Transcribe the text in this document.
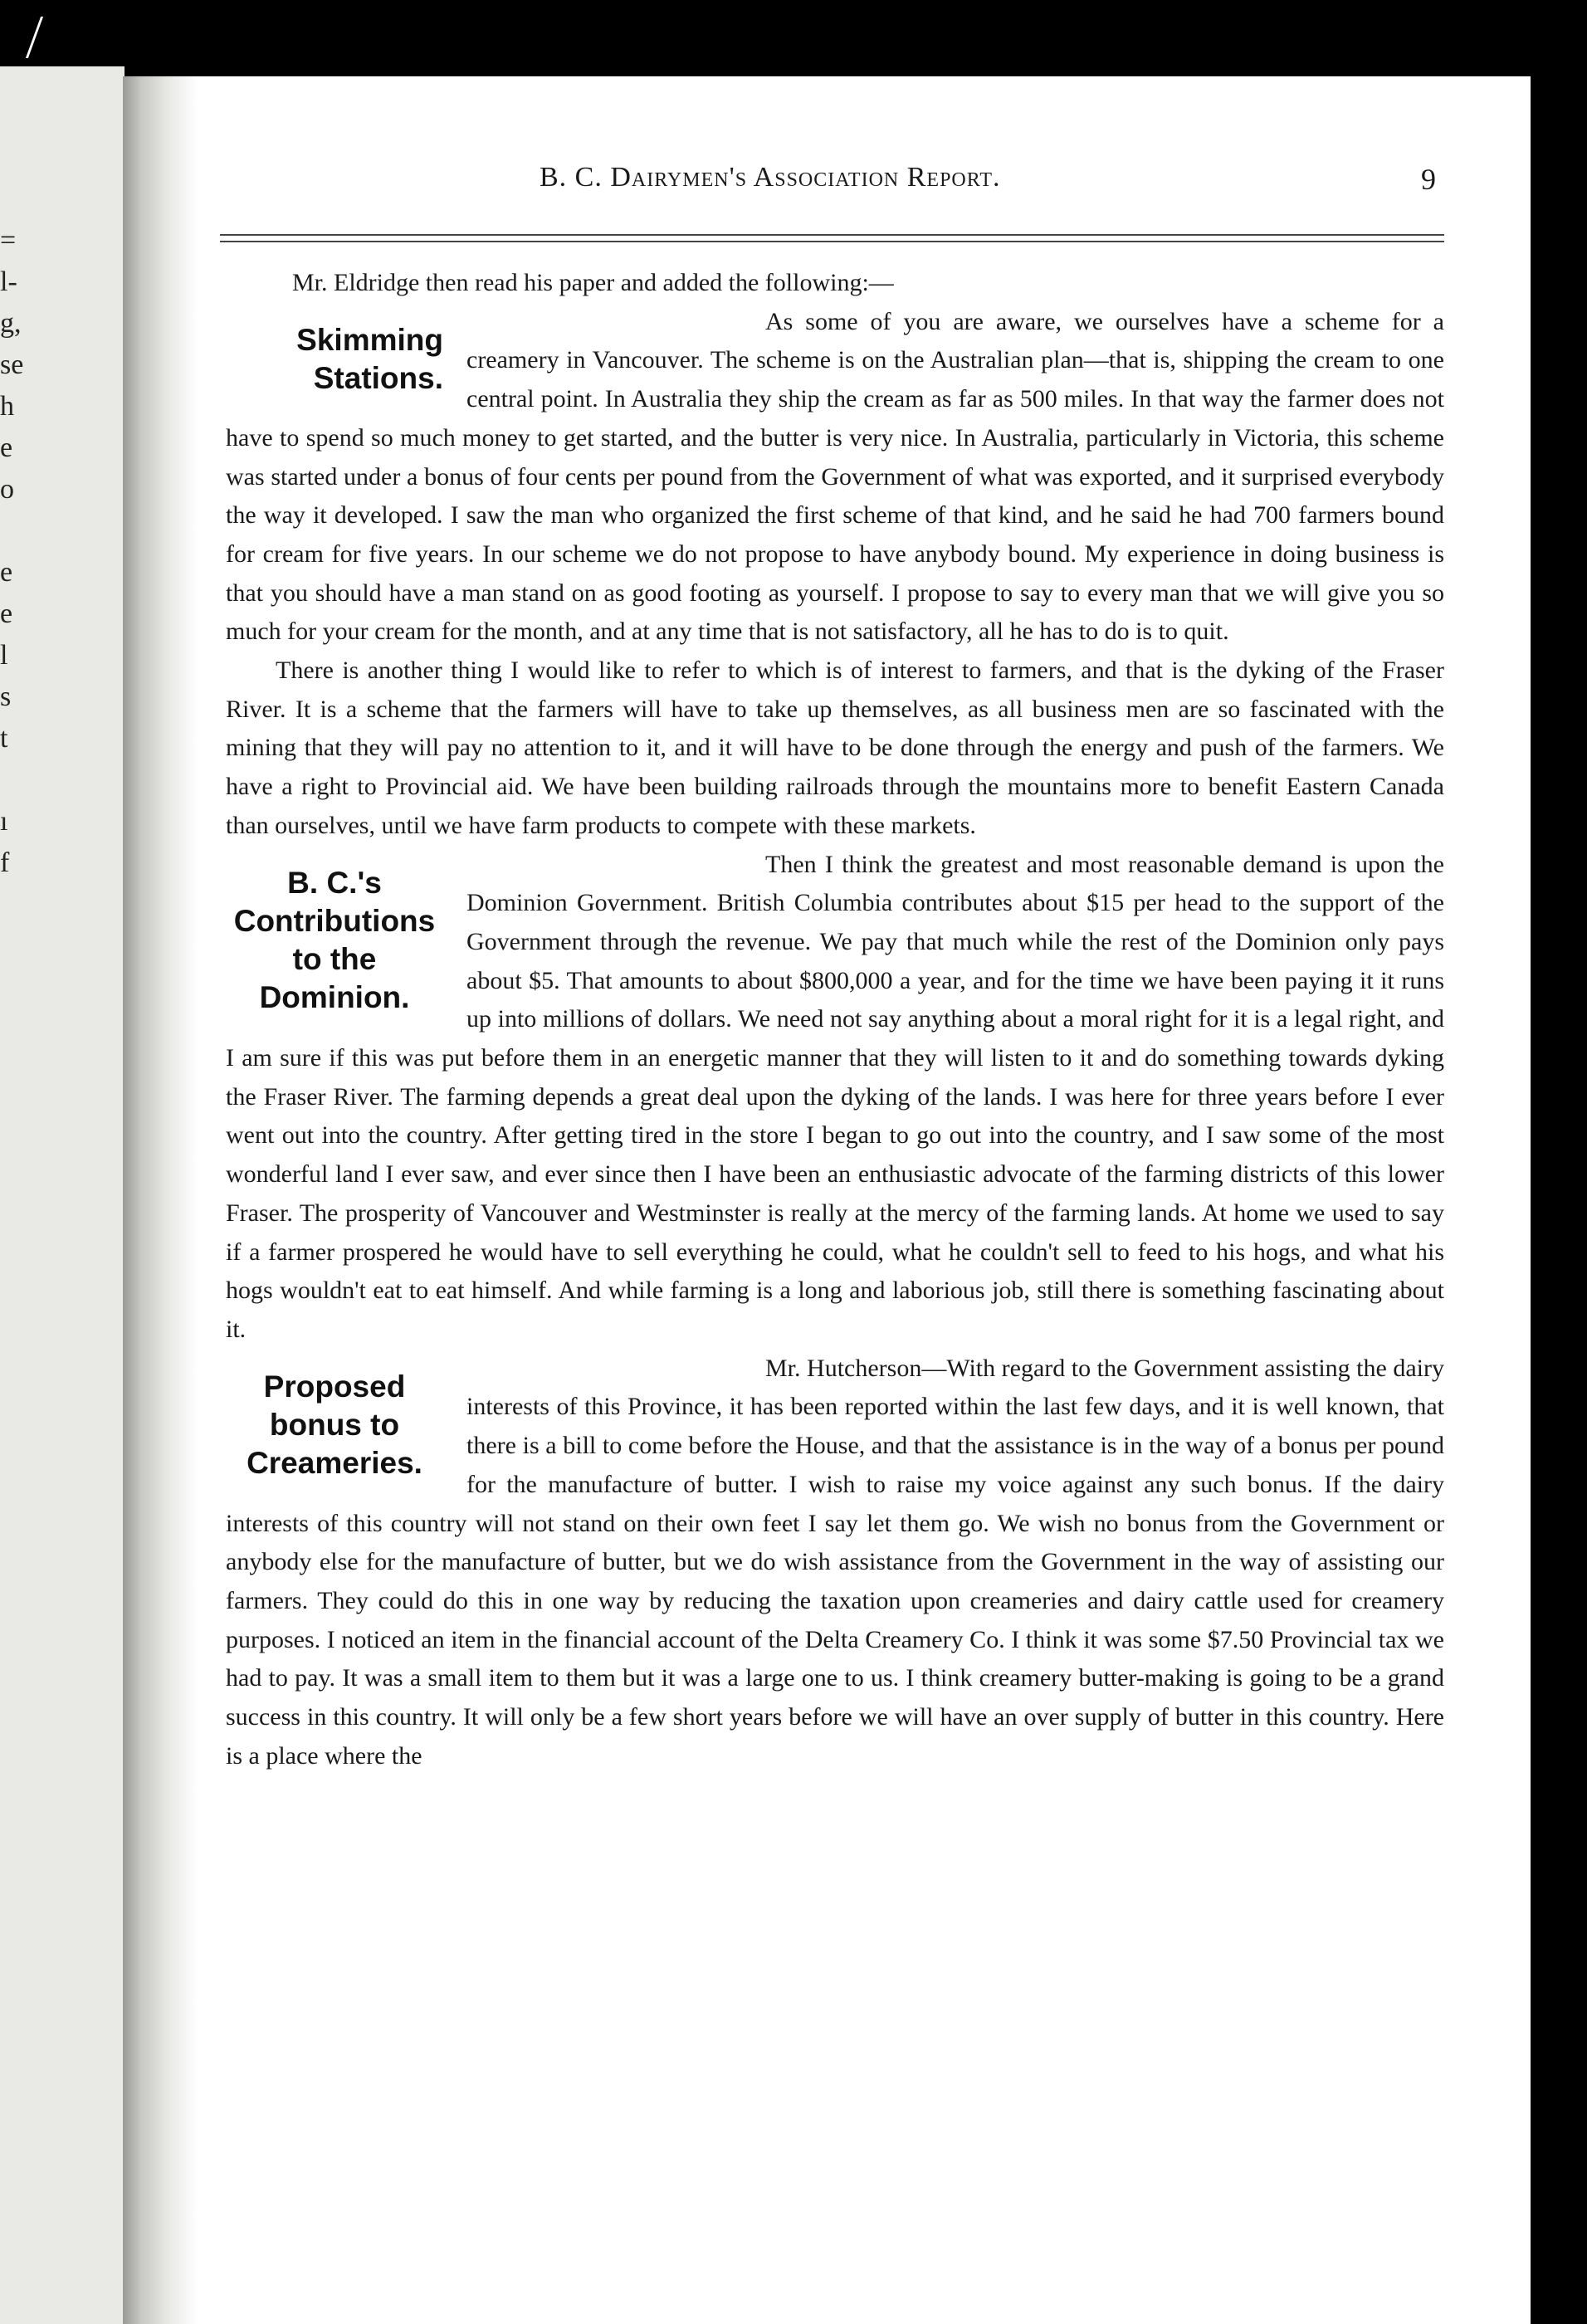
=
l-
g,
se
h
e
o
e
e
l
s
t
ı
f
B. C. Dairymen's Association Report.	9

Mr. Eldridge then read his paper and added the following:—

Skimming Stations.

As some of you are aware, we ourselves have a scheme for a creamery in Vancouver. The scheme is on the Australian plan—that is, shipping the cream to one central point. In Australia they ship the cream as far as 500 miles. In that way the farmer does not have to spend so much money to get started, and the butter is very nice. In Australia, particularly in Victoria, this scheme was started under a bonus of four cents per pound from the Government of what was exported, and it surprised everybody the way it developed. I saw the man who organized the first scheme of that kind, and he said he had 700 farmers bound for cream for five years. In our scheme we do not propose to have anybody bound. My experience in doing business is that you should have a man stand on as good footing as yourself. I propose to say to every man that we will give you so much for your cream for the month, and at any time that is not satisfactory, all he has to do is to quit.

There is another thing I would like to refer to which is of interest to farmers, and that is the dyking of the Fraser River. It is a scheme that the farmers will have to take up themselves, as all business men are so fascinated with the mining that they will pay no attention to it, and it will have to be done through the energy and push of the farmers. We have a right to Provincial aid. We have been building railroads through the mountains more to benefit Eastern Canada than ourselves, until we have farm products to compete with these markets.

B. C.'s Contributions to the Dominion.

Then I think the greatest and most reasonable demand is upon the Dominion Government. British Columbia contributes about $15 per head to the support of the Government through the revenue. We pay that much while the rest of the Dominion only pays about $5. That amounts to about $800,000 a year, and for the time we have been paying it it runs up into millions of dollars. We need not say anything about a moral right for it is a legal right, and I am sure if this was put before them in an energetic manner that they will listen to it and do something towards dyking the Fraser River. The farming depends a great deal upon the dyking of the lands. I was here for three years before I ever went out into the country. After getting tired in the store I began to go out into the country, and I saw some of the most wonderful land I ever saw, and ever since then I have been an enthusiastic advocate of the farming districts of this lower Fraser. The prosperity of Vancouver and Westminster is really at the mercy of the farming lands. At home we used to say if a farmer prospered he would have to sell everything he could, what he couldn't sell to feed to his hogs, and what his hogs wouldn't eat to eat himself. And while farming is a long and laborious job, still there is something fascinating about it.

Proposed bonus to Creameries.

Mr. Hutcherson—With regard to the Government assisting the dairy interests of this Province, it has been reported within the last few days, and it is well known, that there is a bill to come before the House, and that the assistance is in the way of a bonus per pound for the manufacture of butter. I wish to raise my voice against any such bonus. If the dairy interests of this country will not stand on their own feet I say let them go. We wish no bonus from the Government or anybody else for the manufacture of butter, but we do wish assistance from the Government in the way of assisting our farmers. They could do this in one way by reducing the taxation upon creameries and dairy cattle used for creamery purposes. I noticed an item in the financial account of the Delta Creamery Co. I think it was some $7.50 Provincial tax we had to pay. It was a small item to them but it was a large one to us. I think creamery butter-making is going to be a grand success in this country. It will only be a few short years before we will have an over supply of butter in this country. Here is a place where the
